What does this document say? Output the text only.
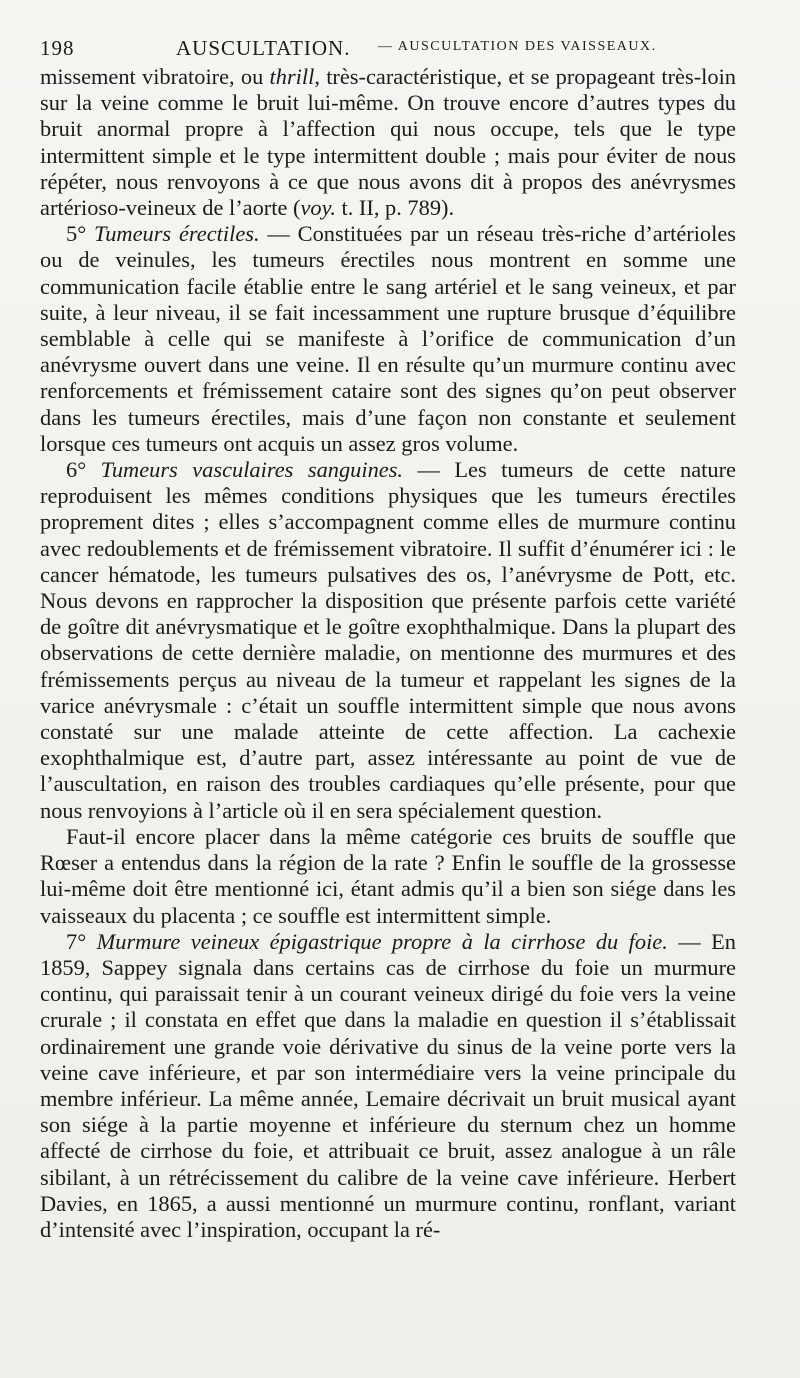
198	AUSCULTATION. — AUSCULTATION DES VAISSEAUX.

missement vibratoire, ou thrill, très-caractéristique, et se propageant très-loin sur la veine comme le bruit lui-même. On trouve encore d’autres types du bruit anormal propre à l’affection qui nous occupe, tels que le type intermittent simple et le type intermittent double ; mais pour éviter de nous répéter, nous renvoyons à ce que nous avons dit à propos des anévrysmes artérioso-veineux de l’aorte (voy. t. II, p. 789).

5° Tumeurs érectiles. — Constituées par un réseau très-riche d’artérioles ou de veinules, les tumeurs érectiles nous montrent en somme une communication facile établie entre le sang artériel et le sang veineux, et par suite, à leur niveau, il se fait incessamment une rupture brusque d’équilibre semblable à celle qui se manifeste à l’orifice de communication d’un anévrysme ouvert dans une veine. Il en résulte qu’un murmure continu avec renforcements et frémissement cataire sont des signes qu’on peut observer dans les tumeurs érectiles, mais d’une façon non constante et seulement lorsque ces tumeurs ont acquis un assez gros volume.

6° Tumeurs vasculaires sanguines. — Les tumeurs de cette nature reproduisent les mêmes conditions physiques que les tumeurs érectiles proprement dites ; elles s’accompagnent comme elles de murmure continu avec redoublements et de frémissement vibratoire. Il suffit d’énumérer ici : le cancer hématode, les tumeurs pulsatives des os, l’anévrysme de Pott, etc. Nous devons en rapprocher la disposition que présente parfois cette variété de goître dit anévrysmatique et le goître exophthalmique. Dans la plupart des observations de cette dernière maladie, on mentionne des murmures et des frémissements perçus au niveau de la tumeur et rappelant les signes de la varice anévrysmale : c’était un souffle intermittent simple que nous avons constaté sur une malade atteinte de cette affection. La cachexie exophthalmique est, d’autre part, assez intéressante au point de vue de l’auscultation, en raison des troubles cardiaques qu’elle présente, pour que nous renvoyions à l’article où il en sera spécialement question.

Faut-il encore placer dans la même catégorie ces bruits de souffle que Rœser a entendus dans la région de la rate ? Enfin le souffle de la grossesse lui-même doit être mentionné ici, étant admis qu’il a bien son siége dans les vaisseaux du placenta ; ce souffle est intermittent simple.

7° Murmure veineux épigastrique propre à la cirrhose du foie. — En 1859, Sappey signala dans certains cas de cirrhose du foie un murmure continu, qui paraissait tenir à un courant veineux dirigé du foie vers la veine crurale ; il constata en effet que dans la maladie en question il s’établissait ordinairement une grande voie dérivative du sinus de la veine porte vers la veine cave inférieure, et par son intermédiaire vers la veine principale du membre inférieur. La même année, Lemaire décrivait un bruit musical ayant son siége à la partie moyenne et inférieure du sternum chez un homme affecté de cirrhose du foie, et attribuait ce bruit, assez analogue à un râle sibilant, à un rétrécissement du calibre de la veine cave inférieure. Herbert Davies, en 1865, a aussi mentionné un murmure continu, ronflant, variant d’intensité avec l’inspiration, occupant la ré-
